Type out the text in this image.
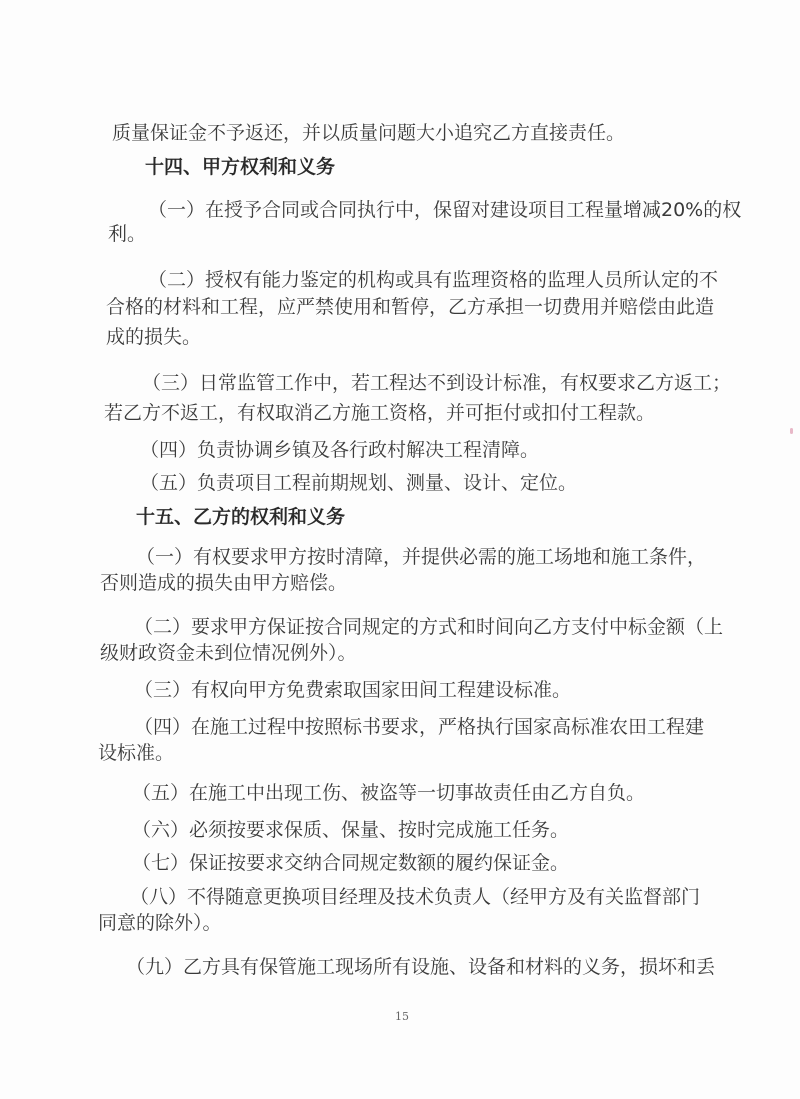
质量保证金不予返还，并以质量问题大小追究乙方直接责任。
十四、甲方权利和义务
（一）在授予合同或合同执行中，保留对建设项目工程量增减20%的权
利。
（二）授权有能力鉴定的机构或具有监理资格的监理人员所认定的不
合格的材料和工程，应严禁使用和暂停，乙方承担一切费用并赔偿由此造
成的损失。
（三）日常监管工作中，若工程达不到设计标准，有权要求乙方返工；
若乙方不返工，有权取消乙方施工资格，并可拒付或扣付工程款。
（四）负责协调乡镇及各行政村解决工程清障。
（五）负责项目工程前期规划、测量、设计、定位。
十五、乙方的权利和义务
（一）有权要求甲方按时清障，并提供必需的施工场地和施工条件，
否则造成的损失由甲方赔偿。
（二）要求甲方保证按合同规定的方式和时间向乙方支付中标金额（上
级财政资金未到位情况例外）。
（三）有权向甲方免费索取国家田间工程建设标准。
（四）在施工过程中按照标书要求，严格执行国家高标准农田工程建
设标准。
（五）在施工中出现工伤、被盗等一切事故责任由乙方自负。
（六）必须按要求保质、保量、按时完成施工任务。
（七）保证按要求交纳合同规定数额的履约保证金。
（八）不得随意更换项目经理及技术负责人（经甲方及有关监督部门
同意的除外）。
（九）乙方具有保管施工现场所有设施、设备和材料的义务，损坏和丢
15
